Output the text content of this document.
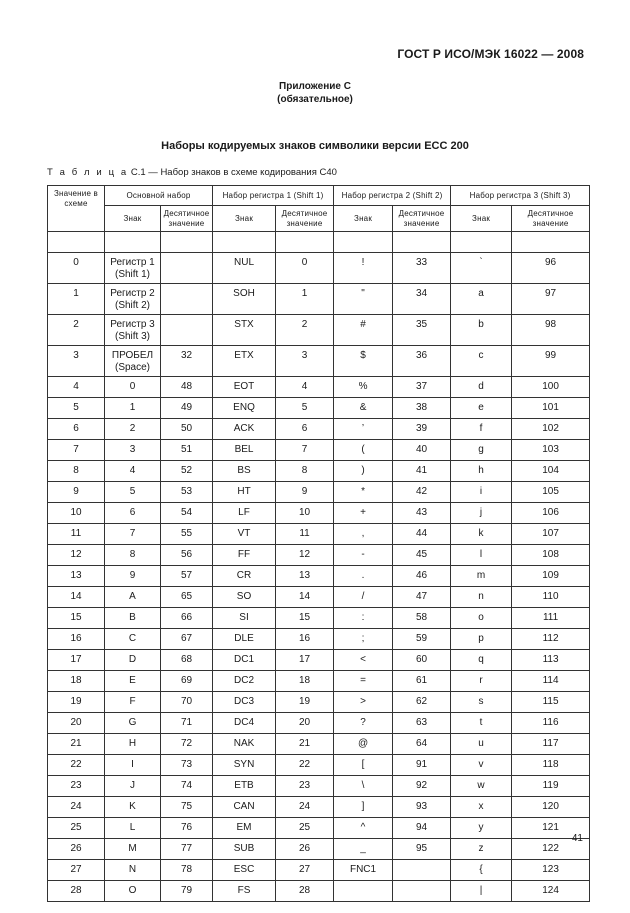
ГОСТ Р ИСО/МЭК 16022 — 2008
Приложение С
(обязательное)
Наборы кодируемых знаков символики версии ЕСС 200
Т а б л и ц а С.1 — Набор знаков в схеме кодирования С40
Значение в схеме	Основной набор		Набор регистра 1 (Shift 1)		Набор регистра 2 (Shift 2)		Набор регистра 3 (Shift 3)	
	Знак	Десятичное значение	Знак	Десятичное значение	Знак	Десятичное значение	Знак	Десятичное значение

0	Регистр 1 (Shift 1)		NUL	0	!	33	`	96
1	Регистр 2 (Shift 2)		SOH	1	"	34	a	97
2	Регистр 3 (Shift 3)		STX	2	#	35	b	98
3	ПРОБЕЛ (Space)	32	ETX	3	$	36	c	99
4	0	48	EOT	4	%	37	d	100
5	1	49	ENQ	5	&	38	e	101
6	2	50	ACK	6	’	39	f	102
7	3	51	BEL	7	(	40	g	103
8	4	52	BS	8	)	41	h	104
9	5	53	HT	9	*	42	i	105
10	6	54	LF	10	+	43	j	106
11	7	55	VT	11	,	44	k	107
12	8	56	FF	12	-	45	l	108
13	9	57	CR	13	.	46	m	109
14	A	65	SO	14	/	47	n	110
15	B	66	SI	15	:	58	o	111
16	C	67	DLE	16	;	59	p	112
17	D	68	DC1	17	<	60	q	113
18	E	69	DC2	18	=	61	r	114
19	F	70	DC3	19	>	62	s	115
20	G	71	DC4	20	?	63	t	116
21	H	72	NAK	21	@	64	u	117
22	I	73	SYN	22	[	91	v	118
23	J	74	ETB	23	\	92	w	119
24	K	75	CAN	24	]	93	x	120
25	L	76	EM	25	^	94	y	121
26	M	77	SUB	26	_	95	z	122
27	N	78	ESC	27	FNC1		{	123
28	O	79	FS	28			|	124
41
